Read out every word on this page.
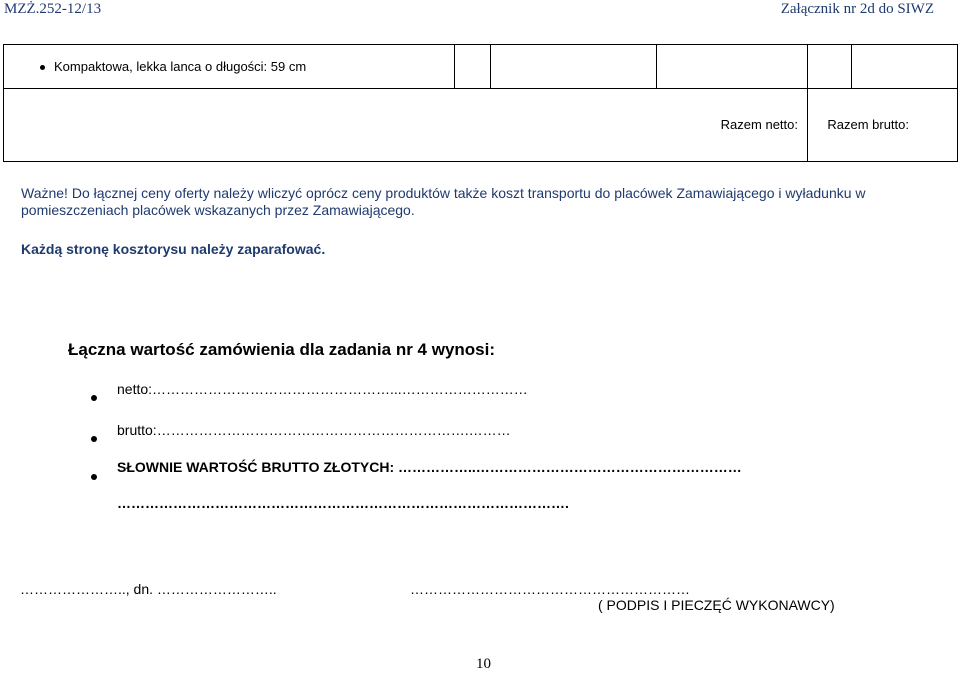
MZŻ.252-12/13	Załącznik nr 2d do SIWZ
Kompaktowa, lekka lanca o długości: 59 cm					
			Razem netto:	Razem brutto:	
Ważne! Do łącznej ceny oferty należy wliczyć oprócz ceny produktów także koszt transportu do placówek Zamawiającego i wyładunku w
pomieszczeniach placówek wskazanych przez Zamawiającego.
Każdą stronę kosztorysu należy zaparafować.
Łączna wartość zamówienia dla zadania nr 4 wynosi:
netto:……………………………………………...………………………
brutto:………………………………………………………….………
SŁOWNIE WARTOŚĆ BRUTTO ZŁOTYCH: ……………..…………………………………………………
…………………………………………………………………………………….
………………….., dn. ……………………..	……………………………………………………
( PODPIS I PIECZĘĆ WYKONAWCY)
10
